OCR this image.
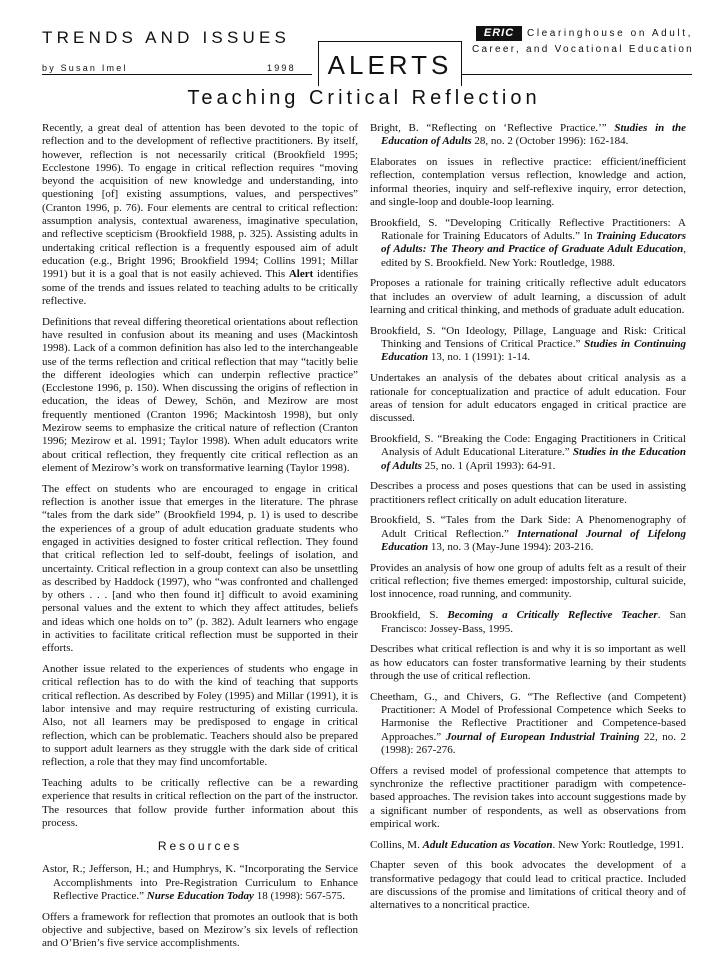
TRENDS AND ISSUES
by Susan Imel	1998	ALERTS
ERIC	Clearinghouse on Adult,
Career, and Vocational Education
Teaching Critical Reflection

Recently, a great deal of attention has been devoted to the topic of reflection and to the development of reflective practitioners. By itself, however, reflection is not necessarily critical (Brookfield 1995; Ecclestone 1996). To engage in critical reflection requires “moving beyond the acquisition of new knowledge and understanding, into questioning [of] existing assumptions, values, and perspectives” (Cranton 1996, p. 76). Four elements are central to critical reflection: assumption analysis, contextual awareness, imaginative speculation, and reflective scepticism (Brookfield 1988, p. 325). Assisting adults in undertaking critical reflection is a frequently espoused aim of adult education (e.g., Bright 1996; Brookfield 1994; Collins 1991; Millar 1991) but it is a goal that is not easily achieved. This Alert identifies some of the trends and issues related to teaching adults to be critically reflective.

Definitions that reveal differing theoretical orientations about reflection have resulted in confusion about its meaning and uses (Mackintosh 1998). Lack of a common definition has also led to the interchangeable use of the terms reflection and critical reflection that may “tacitly belie the different ideologies which can underpin reflective practice” (Ecclestone 1996, p. 150). When discussing the origins of reflection in education, the ideas of Dewey, Schön, and Mezirow are most frequently mentioned (Cranton 1996; Mackintosh 1998), but only Mezirow seems to emphasize the critical nature of reflection (Cranton 1996; Mezirow et al. 1991; Taylor 1998). When adult educators write about critical reflection, they frequently cite critical reflection as an element of Mezirow’s work on transformative learning (Taylor 1998).

The effect on students who are encouraged to engage in critical reflection is another issue that emerges in the literature. The phrase “tales from the dark side” (Brookfield 1994, p. 1) is used to describe the experiences of a group of adult education graduate students who engaged in activities designed to foster critical reflection. They found that critical reflection led to self-doubt, feelings of isolation, and uncertainty. Critical reflection in a group context can also be unsettling as described by Haddock (1997), who “was confronted and challenged by others . . . [and who then found it] difficult to avoid examining personal values and the extent to which they affect attitudes, beliefs and ideas which one holds on to” (p. 382). Adult learners who engage in activities to facilitate critical reflection must be supported in their efforts.

Another issue related to the experiences of students who engage in critical reflection has to do with the kind of teaching that supports critical reflection. As described by Foley (1995) and Millar (1991), it is labor intensive and may require restructuring of existing curricula. Also, not all learners may be predisposed to engage in critical reflection, which can be problematic. Teachers should also be prepared to support adult learners as they struggle with the dark side of critical reflection, a role that they may find uncomfortable.

Teaching adults to be critically reflective can be a rewarding experience that results in critical reflection on the part of the instructor. The resources that follow provide further information about this process.

Resources

Astor, R.; Jefferson, H.; and Humphrys, K. “Incorporating the Service Accomplishments into Pre-Registration Curriculum to Enhance Reflective Practice.” Nurse Education Today 18 (1998): 567-575.

Offers a framework for reflection that promotes an outlook that is both objective and subjective, based on Mezirow’s six levels of reflection and O’Brien’s five service accomplishments.

Bright, B. “Reflecting on ‘Reflective Practice.’” Studies in the Education of Adults 28, no. 2 (October 1996): 162-184.

Elaborates on issues in reflective practice: efficient/inefficient reflection, contemplation versus reflection, knowledge and action, informal theories, inquiry and self-reflexive inquiry, error detection, and single-loop and double-loop learning.

Brookfield, S. “Developing Critically Reflective Practitioners: A Rationale for Training Educators of Adults.” In Training Educators of Adults: The Theory and Practice of Graduate Adult Education, edited by S. Brookfield. New York: Routledge, 1988.

Proposes a rationale for training critically reflective adult educators that includes an overview of adult learning, a discussion of adult learning and critical thinking, and methods of graduate adult education.

Brookfield, S. “On Ideology, Pillage, Language and Risk: Critical Thinking and Tensions of Critical Practice.” Studies in Continuing Education 13, no. 1 (1991): 1-14.

Undertakes an analysis of the debates about critical analysis as a rationale for conceptualization and practice of adult education. Four areas of tension for adult educators engaged in critical practice are discussed.

Brookfield, S. “Breaking the Code: Engaging Practitioners in Critical Analysis of Adult Educational Literature.” Studies in the Education of Adults 25, no. 1 (April 1993): 64-91.

Describes a process and poses questions that can be used in assisting practitioners reflect critically on adult education literature.

Brookfield, S. “Tales from the Dark Side: A Phenomenography of Adult Critical Reflection.” International Journal of Lifelong Education 13, no. 3 (May-June 1994): 203-216.

Provides an analysis of how one group of adults felt as a result of their critical reflection; five themes emerged: impostorship, cultural suicide, lost innocence, road running, and community.

Brookfield, S. Becoming a Critically Reflective Teacher. San Francisco: Jossey-Bass, 1995.

Describes what critical reflection is and why it is so important as well as how educators can foster transformative learning by their students through the use of critical reflection.

Cheetham, G., and Chivers, G. “The Reflective (and Competent) Practitioner: A Model of Professional Competence which Seeks to Harmonise the Reflective Practitioner and Competence-based Approaches.” Journal of European Industrial Training 22, no. 2 (1998): 267-276.

Offers a revised model of professional competence that attempts to synchronize the reflective practitioner paradigm with competence-based approaches. The revision takes into account suggestions made by a significant number of respondents, as well as observations from empirical work.

Collins, M. Adult Education as Vocation. New York: Routledge, 1991.

Chapter seven of this book advocates the development of a transformative pedagogy that could lead to critical practice. Included are discussions of the promise and limitations of critical theory and of alternatives to a noncritical practice.
